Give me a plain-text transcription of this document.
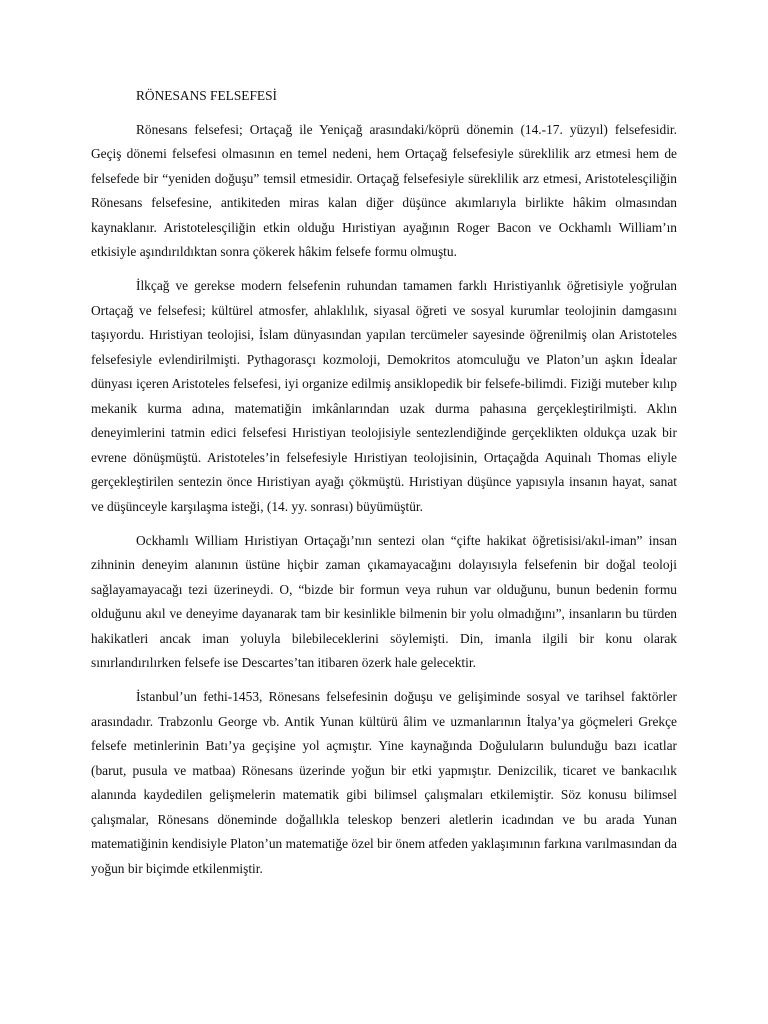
RÖNESANS FELSEFESİ

Rönesans felsefesi; Ortaçağ ile Yeniçağ arasındaki/köprü dönemin (14.-17. yüzyıl) felsefesidir. Geçiş dönemi felsefesi olmasının en temel nedeni, hem Ortaçağ felsefesiyle süreklilik arz etmesi hem de felsefede bir “yeniden doğuşu” temsil etmesidir. Ortaçağ felsefesiyle süreklilik arz etmesi, Aristotelesçiliğin Rönesans felsefesine, antikiteden miras kalan diğer düşünce akımlarıyla birlikte hâkim olmasından kaynaklanır. Aristotelesçiliğin etkin olduğu Hıristiyan ayağının Roger Bacon ve Ockhamlı William’ın etkisiyle aşındırıldıktan sonra çökerek hâkim felsefe formu olmuştu.

İlkçağ ve gerekse modern felsefenin ruhundan tamamen farklı Hıristiyanlık öğretisiyle yoğrulan Ortaçağ ve felsefesi; kültürel atmosfer, ahlaklılık, siyasal öğreti ve sosyal kurumlar teolojinin damgasını taşıyordu. Hıristiyan teolojisi, İslam dünyasından yapılan tercümeler sayesinde öğrenilmiş olan Aristoteles felsefesiyle evlendirilmişti. Pythagorasçı kozmoloji, Demokritos atomculuğu ve Platon’un aşkın İdealar dünyası içeren Aristoteles felsefesi, iyi organize edilmiş ansiklopedik bir felsefe-bilimdi. Fiziği muteber kılıp mekanik kurma adına, matematiğin imkânlarından uzak durma pahasına gerçekleştirilmişti. Aklın deneyimlerini tatmin edici felsefesi Hıristiyan teolojisiyle sentezlendiğinde gerçeklikten oldukça uzak bir evrene dönüşmüştü. Aristoteles’in felsefesiyle Hıristiyan teolojisinin, Ortaçağda Aquinalı Thomas eliyle gerçekleştirilen sentezin önce Hıristiyan ayağı çökmüştü. Hıristiyan düşünce yapısıyla insanın hayat, sanat ve düşünceyle karşılaşma isteği, (14. yy. sonrası) büyümüştür.

Ockhamlı William Hıristiyan Ortaçağı’nın sentezi olan “çifte hakikat öğretisisi/akıl-iman” insan zihninin deneyim alanının üstüne hiçbir zaman çıkamayacağını dolayısıyla felsefenin bir doğal teoloji sağlayamayacağı tezi üzerineydi. O, “bizde bir formun veya ruhun var olduğunu, bunun bedenin formu olduğunu akıl ve deneyime dayanarak tam bir kesinlikle bilmenin bir yolu olmadığını”, insanların bu türden hakikatleri ancak iman yoluyla bilebileceklerini söylemişti. Din, imanla ilgili bir konu olarak sınırlandırılırken felsefe ise Descartes’tan itibaren özerk hale gelecektir.

İstanbul’un fethi-1453, Rönesans felsefesinin doğuşu ve gelişiminde sosyal ve tarihsel faktörler arasındadır. Trabzonlu George vb. Antik Yunan kültürü âlim ve uzmanlarının İtalya’ya göçmeleri Grekçe felsefe metinlerinin Batı’ya geçişine yol açmıştır. Yine kaynağında Doğuluların bulunduğu bazı icatlar (barut, pusula ve matbaa) Rönesans üzerinde yoğun bir etki yapmıştır. Denizcilik, ticaret ve bankacılık alanında kaydedilen gelişmelerin matematik gibi bilimsel çalışmaları etkilemiştir. Söz konusu bilimsel çalışmalar, Rönesans döneminde doğallıkla teleskop benzeri aletlerin icadından ve bu arada Yunan matematiğinin kendisiyle Platon’un matematiğe özel bir önem atfeden yaklaşımının farkına varılmasından da yoğun bir biçimde etkilenmiştir.
